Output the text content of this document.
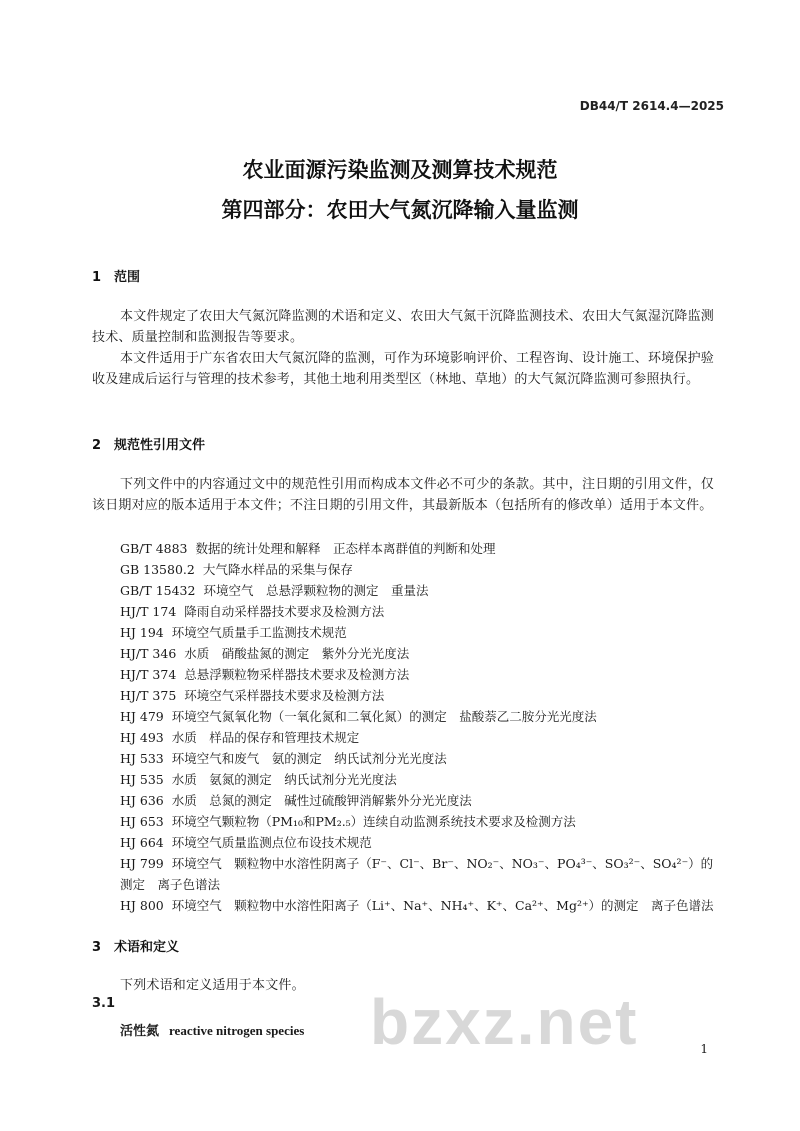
DB44/T 2614.4—2025
农业面源污染监测及测算技术规范
第四部分：农田大气氮沉降输入量监测
1 范围
本文件规定了农田大气氮沉降监测的术语和定义、农田大气氮干沉降监测技术、农田大气氮湿沉降监测技术、质量控制和监测报告等要求。
本文件适用于广东省农田大气氮沉降的监测，可作为环境影响评价、工程咨询、设计施工、环境保护验收及建成后运行与管理的技术参考，其他土地利用类型区（林地、草地）的大气氮沉降监测可参照执行。
2 规范性引用文件
下列文件中的内容通过文中的规范性引用而构成本文件必不可少的条款。其中，注日期的引用文件，仅该日期对应的版本适用于本文件；不注日期的引用文件，其最新版本（包括所有的修改单）适用于本文件。
GB/T 4883 数据的统计处理和解释　正态样本离群值的判断和处理
GB 13580.2 大气降水样品的采集与保存
GB/T 15432 环境空气　总悬浮颗粒物的测定　重量法
HJ/T 174 降雨自动采样器技术要求及检测方法
HJ 194 环境空气质量手工监测技术规范
HJ/T 346 水质　硝酸盐氮的测定　紫外分光光度法
HJ/T 374 总悬浮颗粒物采样器技术要求及检测方法
HJ/T 375 环境空气采样器技术要求及检测方法
HJ 479 环境空气氮氧化物（一氧化氮和二氧化氮）的测定　盐酸萘乙二胺分光光度法
HJ 493 水质　样品的保存和管理技术规定
HJ 533 环境空气和废气　氨的测定　纳氏试剂分光光度法
HJ 535 水质　氨氮的测定　纳氏试剂分光光度法
HJ 636 水质　总氮的测定　碱性过硫酸钾消解紫外分光光度法
HJ 653 环境空气颗粒物（PM₁₀和PM₂.₅）连续自动监测系统技术要求及检测方法
HJ 664 环境空气质量监测点位布设技术规范
HJ 799 环境空气　颗粒物中水溶性阴离子（F⁻、Cl⁻、Br⁻、NO₂⁻、NO₃⁻、PO₄³⁻、SO₃²⁻、SO₄²⁻）的测定　离子色谱法
HJ 800 环境空气　颗粒物中水溶性阳离子（Li⁺、Na⁺、NH₄⁺、K⁺、Ca²⁺、Mg²⁺）的测定　离子色谱法
3 术语和定义
下列术语和定义适用于本文件。
bzxz.net
3.1
活性氮 reactive nitrogen species
1
